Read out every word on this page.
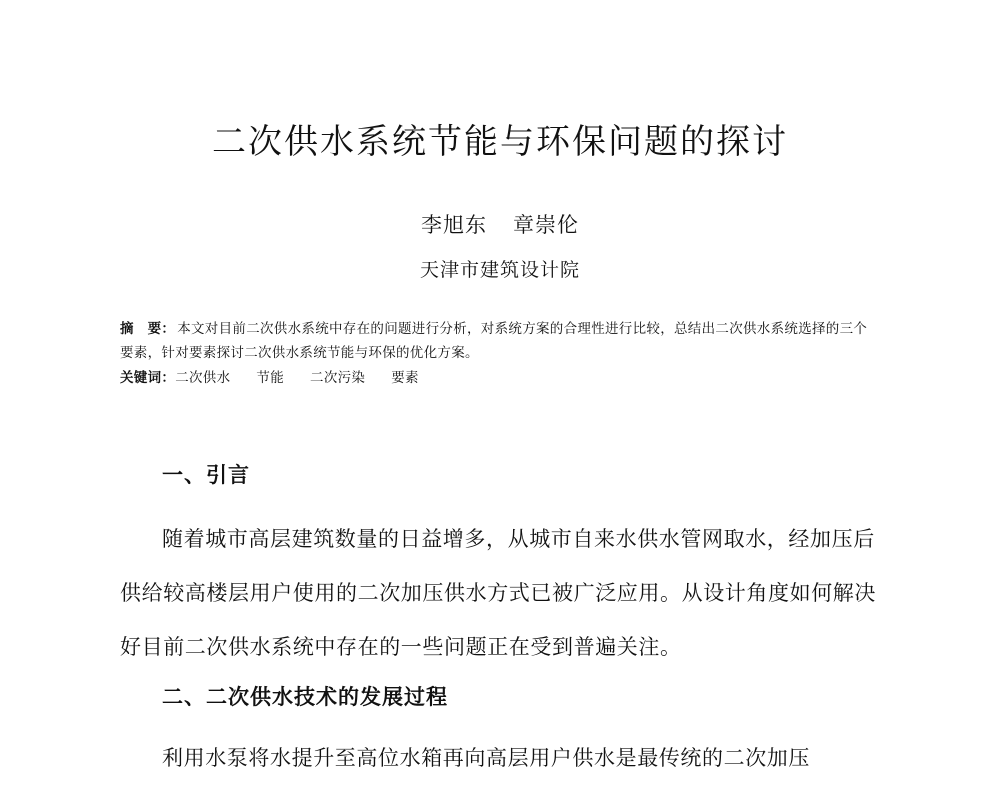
二次供水系统节能与环保问题的探讨
李旭东 章崇伦
天津市建筑设计院
摘　要： 本文对目前二次供水系统中存在的问题进行分析，对系统方案的合理性进行比较，总结出二次供水系统选择的三个要素，针对要素探讨二次供水系统节能与环保的优化方案。
关键词：二次供水 节能 二次污染 要素
一、引言

随着城市高层建筑数量的日益增多，从城市自来水供水管网取水，经加压后供给较高楼层用户使用的二次加压供水方式已被广泛应用。从设计角度如何解决好目前二次供水系统中存在的一些问题正在受到普遍关注。

二、二次供水技术的发展过程

利用水泵将水提升至高位水箱再向高层用户供水是最传统的二次加压
